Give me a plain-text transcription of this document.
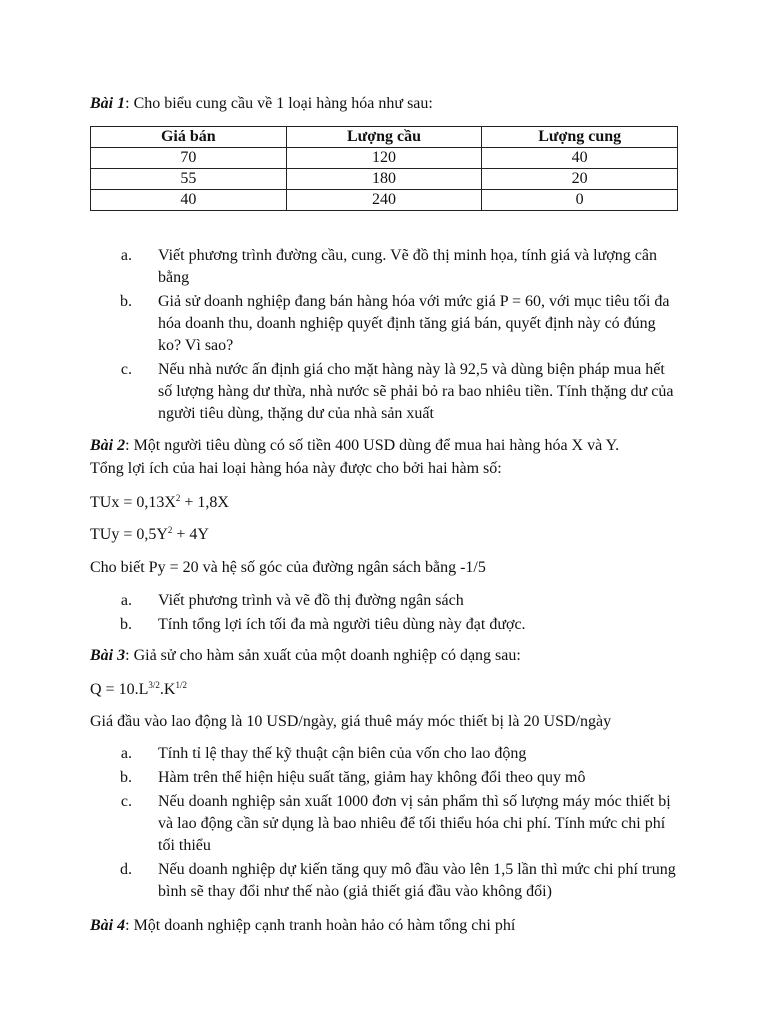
Bài 1: Cho biểu cung cầu về 1 loại hàng hóa như sau:

Giá bán	Lượng cầu	Lượng cung
70	120	40
55	180	20
40	240	0
a. Viết phương trình đường cầu, cung. Vẽ đồ thị minh họa, tính giá và lượng cân bằng
b. Giả sử doanh nghiệp đang bán hàng hóa với mức giá P = 60, với mục tiêu tối đa hóa doanh thu, doanh nghiệp quyết định tăng giá bán, quyết định này có đúng ko? Vì sao?
c. Nếu nhà nước ấn định giá cho mặt hàng này là 92,5 và dùng biện pháp mua hết số lượng hàng dư thừa, nhà nước sẽ phải bỏ ra bao nhiêu tiền. Tính thặng dư của người tiêu dùng, thặng dư của nhà sản xuất

Bài 2: Một người tiêu dùng có số tiền 400 USD dùng để mua hai hàng hóa X và Y.

Tổng lợi ích của hai loại hàng hóa này được cho bởi hai hàm số:

TUx = $0,13X^2 + 1,8X$

TUy = $0,5Y^2 + 4Y$

Cho biết Py = 20 và hệ số góc của đường ngân sách bằng -1/5

a. Viết phương trình và vẽ đồ thị đường ngân sách
b. Tính tổng lợi ích tối đa mà người tiêu dùng này đạt được.

Bài 3: Giả sử cho hàm sản xuất của một doanh nghiệp có dạng sau:

$Q = 10.L^{3/2}.K^{1/2}$

Giá đầu vào lao động là 10 USD/ngày, giá thuê máy móc thiết bị là 20 USD/ngày

a. Tính tỉ lệ thay thế kỹ thuật cận biên của vốn cho lao động
b. Hàm trên thể hiện hiệu suất tăng, giảm hay không đổi theo quy mô
c. Nếu doanh nghiệp sản xuất 1000 đơn vị sản phẩm thì số lượng máy móc thiết bị và lao động cần sử dụng là bao nhiêu để tối thiểu hóa chi phí. Tính mức chi phí tối thiểu
d. Nếu doanh nghiệp dự kiến tăng quy mô đầu vào lên 1,5 lần thì mức chi phí trung bình sẽ thay đổi như thế nào (giả thiết giá đầu vào không đổi)

Bài 4: Một doanh nghiệp cạnh tranh hoàn hảo có hàm tổng chi phí
